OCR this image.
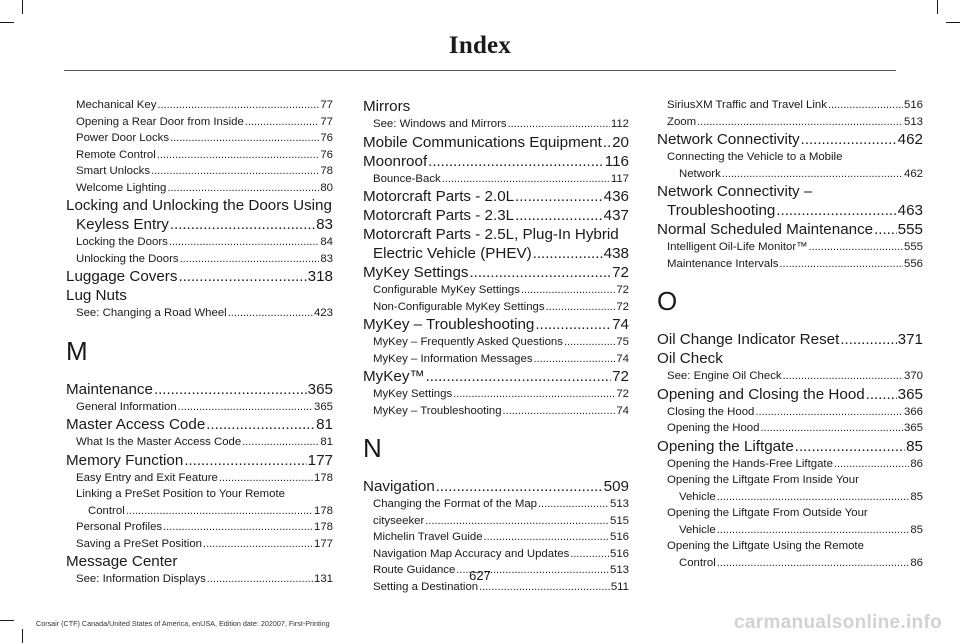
Index
Mechanical Key .....	77
Opening a Rear Door from Inside .....	77
Power Door Locks .....	76
Remote Control .....	76
Smart Unlocks .....	78
Welcome Lighting .....	80
Locking and Unlocking the Doors Using
Keyless Entry .....	83
Locking the Doors .....	84
Unlocking the Doors .....	83
Luggage Covers .....	318
Lug Nuts
See: Changing a Road Wheel .....	423
M
Maintenance .....	365
General Information .....	365
Master Access Code .....	81
What Is the Master Access Code .....	81
Memory Function .....	177
Easy Entry and Exit Feature .....	178
Linking a PreSet Position to Your Remote
Control .....	178
Personal Profiles .....	178
Saving a PreSet Position .....	177
Message Center
See: Information Displays .....	131
Mirrors
See: Windows and Mirrors .....	112
Mobile Communications Equipment ..... 20
Moonroof .....	116
Bounce-Back .....	117
Motorcraft Parts - 2.0L .....	436
Motorcraft Parts - 2.3L .....	437
Motorcraft Parts - 2.5L, Plug-In Hybrid
Electric Vehicle (PHEV) .....	438
MyKey Settings .....	72
Configurable MyKey Settings .....	72
Non-Configurable MyKey Settings .....	72
MyKey – Troubleshooting .....	74
MyKey – Frequently Asked Questions .....	75
MyKey – Information Messages .....	74
MyKey™ .....	72
MyKey Settings .....	72
MyKey – Troubleshooting .....	74
N
Navigation .....	509
Changing the Format of the Map .....	513
cityseeker .....	515
Michelin Travel Guide .....	516
Navigation Map Accuracy and Updates .....	516
Route Guidance .....	513
Setting a Destination .....	511
SiriusXM Traffic and Travel Link .....	516
Zoom .....	513
Network Connectivity .....	462
Connecting the Vehicle to a Mobile
Network .....	462
Network Connectivity –
Troubleshooting .....	463
Normal Scheduled Maintenance ..... 555
Intelligent Oil-Life Monitor™ .....	555
Maintenance Intervals .....	556
O
Oil Change Indicator Reset .....	371
Oil Check
See: Engine Oil Check .....	370
Opening and Closing the Hood ..... 365
Closing the Hood .....	366
Opening the Hood .....	365
Opening the Liftgate .....	85
Opening the Hands-Free Liftgate .....	86
Opening the Liftgate From Inside Your
Vehicle .....	85
Opening the Liftgate From Outside Your
Vehicle .....	85
Opening the Liftgate Using the Remote
Control .....	86
627
Corsair (CTF) Canada/United States of America, enUSA, Edition date: 202007, First-Printing	carmanualsonline.info
